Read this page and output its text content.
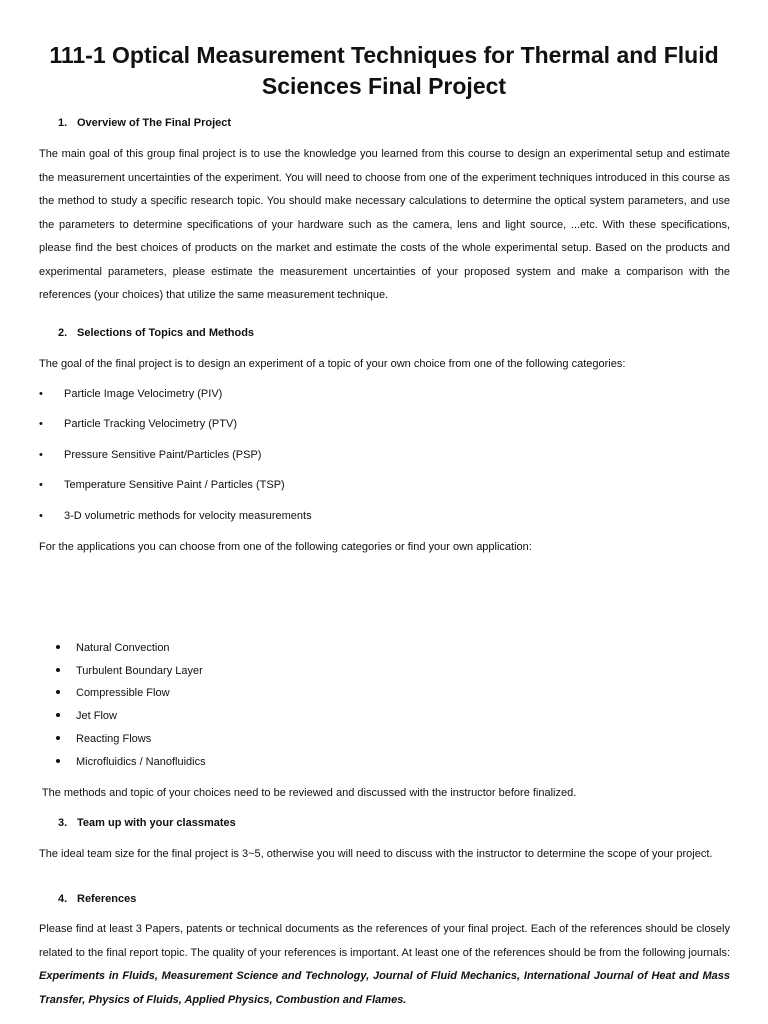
111-1 Optical Measurement Techniques for Thermal and Fluid Sciences Final Project
1. Overview of The Final Project

The main goal of this group final project is to use the knowledge you learned from this course to design an experimental setup and estimate the measurement uncertainties of the experiment. You will need to choose from one of the experiment techniques introduced in this course as the method to study a specific research topic. You should make necessary calculations to determine the optical system parameters, and use the parameters to determine specifications of your hardware such as the camera, lens and light source, ...etc. With these specifications, please find the best choices of products on the market and estimate the costs of the whole experimental setup. Based on the products and experimental parameters, please estimate the measurement uncertainties of your proposed system and make a comparison with the references (your choices) that utilize the same measurement technique.

2. Selections of Topics and Methods

The goal of the final project is to design an experiment of a topic of your own choice from one of the following categories:

• Particle Image Velocimetry (PIV)
• Particle Tracking Velocimetry (PTV)
• Pressure Sensitive Paint/Particles (PSP)
• Temperature Sensitive Paint / Particles (TSP)
• 3-D volumetric methods for velocity measurements

For the applications you can choose from one of the following categories or find your own application:

Natural Convection
Turbulent Boundary Layer
Compressible Flow
Jet Flow
Reacting Flows
Microfluidics / Nanofluidics

The methods and topic of your choices need to be reviewed and discussed with the instructor before finalized.

3. Team up with your classmates

The ideal team size for the final project is 3~5, otherwise you will need to discuss with the instructor to determine the scope of your project.

4. References

Please find at least 3 Papers, patents or technical documents as the references of your final project. Each of the references should be closely related to the final report topic. The quality of your references is important. At least one of the references should be from the following journals: Experiments in Fluids, Measurement Science and Technology, Journal of Fluid Mechanics, International Journal of Heat and Mass Transfer, Physics of Fluids, Applied Physics, Combustion and Flames.
